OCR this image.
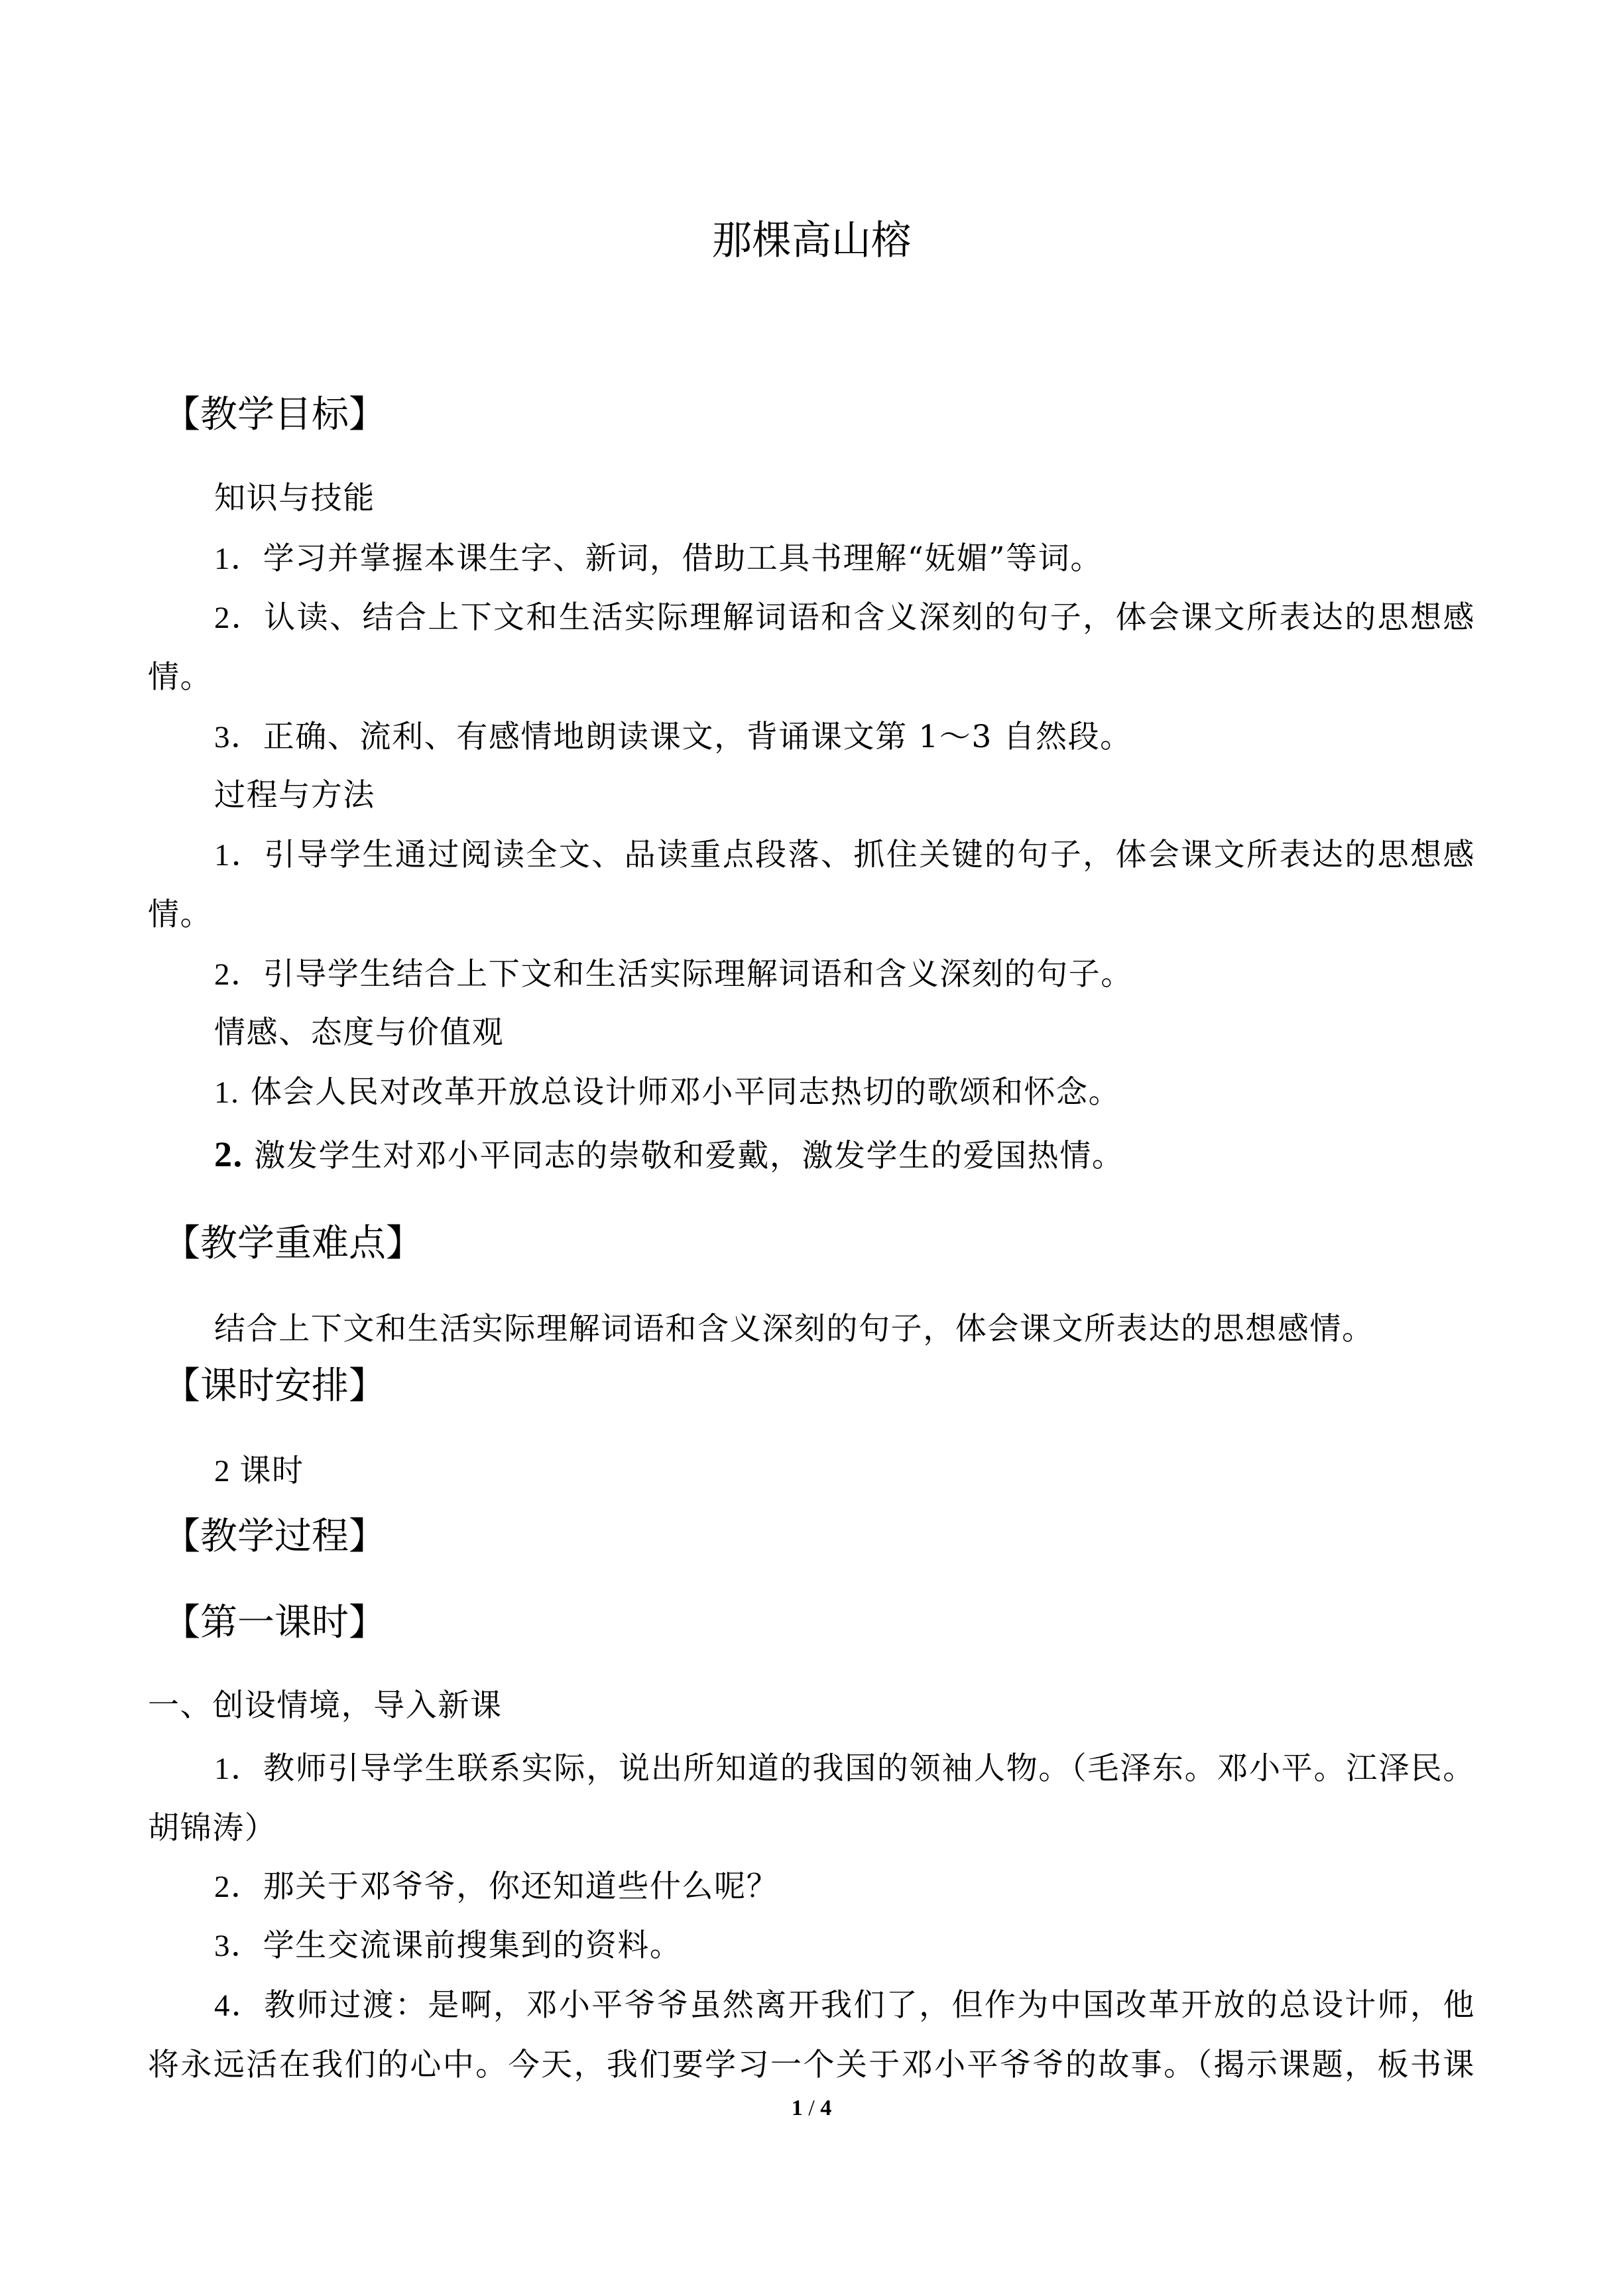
那棵高山榕
【教学目标】
知识与技能
1．学习并掌握本课生字、新词，借助工具书理解“妩媚”等词。
2．认读、结合上下文和生活实际理解词语和含义深刻的句子，体会课文所表达的思想感
情。
3．正确、流利、有感情地朗读课文，背诵课文第 1～3 自然段。
过程与方法
1．引导学生通过阅读全文、品读重点段落、抓住关键的句子，体会课文所表达的思想感
情。
2．引导学生结合上下文和生活实际理解词语和含义深刻的句子。
情感、态度与价值观
1. 体会人民对改革开放总设计师邓小平同志热切的歌颂和怀念。
2. 激发学生对邓小平同志的崇敬和爱戴，激发学生的爱国热情。
【教学重难点】
结合上下文和生活实际理解词语和含义深刻的句子，体会课文所表达的思想感情。
【课时安排】
2 课时
【教学过程】
【第一课时】
一、创设情境，导入新课
1．教师引导学生联系实际，说出所知道的我国的领袖人物。（毛泽东。邓小平。江泽民。
胡锦涛）
2．那关于邓爷爷，你还知道些什么呢？
3．学生交流课前搜集到的资料。
4．教师过渡：是啊，邓小平爷爷虽然离开我们了，但作为中国改革开放的总设计师，他
将永远活在我们的心中。今天，我们要学习一个关于邓小平爷爷的故事。（揭示课题，板书课
1 / 4
